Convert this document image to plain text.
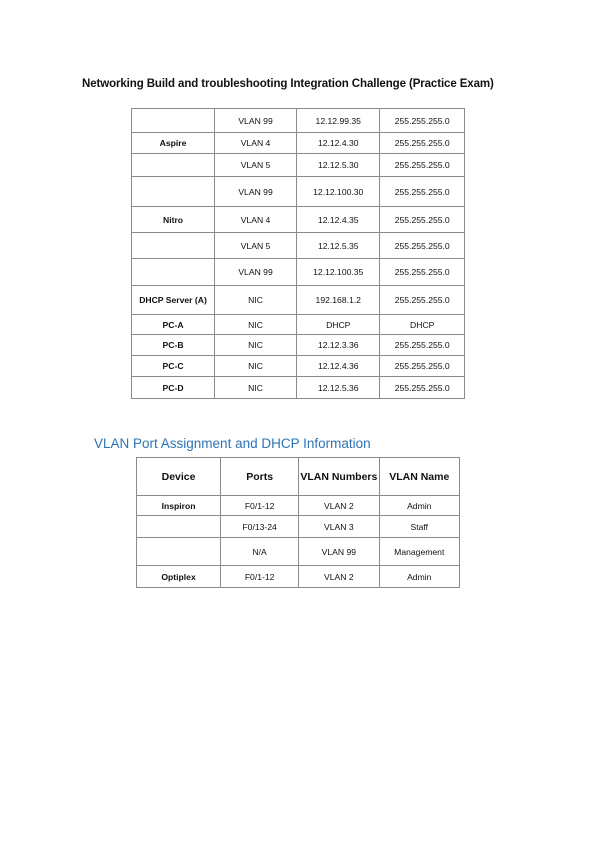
Networking Build and troubleshooting Integration Challenge (Practice Exam)
	VLAN 99	12.12.99.35	255.255.255.0
Aspire	VLAN 4	12.12.4.30	255.255.255.0
	VLAN 5	12.12.5.30	255.255.255.0
	VLAN 99	12.12.100.30	255.255.255.0
Nitro	VLAN 4	12.12.4.35	255.255.255.0
	VLAN 5	12.12.5.35	255.255.255.0
	VLAN 99	12.12.100.35	255.255.255.0
DHCP Server (A)	NIC	192.168.1.2	255.255.255.0
PC-A	NIC	DHCP	DHCP
PC-B	NIC	12.12.3.36	255.255.255.0
PC-C	NIC	12.12.4.36	255.255.255.0
PC-D	NIC	12.12.5.36	255.255.255.0
VLAN Port Assignment and DHCP Information
Device	Ports	VLAN Numbers	VLAN Name
Inspiron	F0/1-12	VLAN 2	Admin
	F0/13-24	VLAN 3	Staff
	N/A	VLAN 99	Management
Optiplex	F0/1-12	VLAN 2	Admin
